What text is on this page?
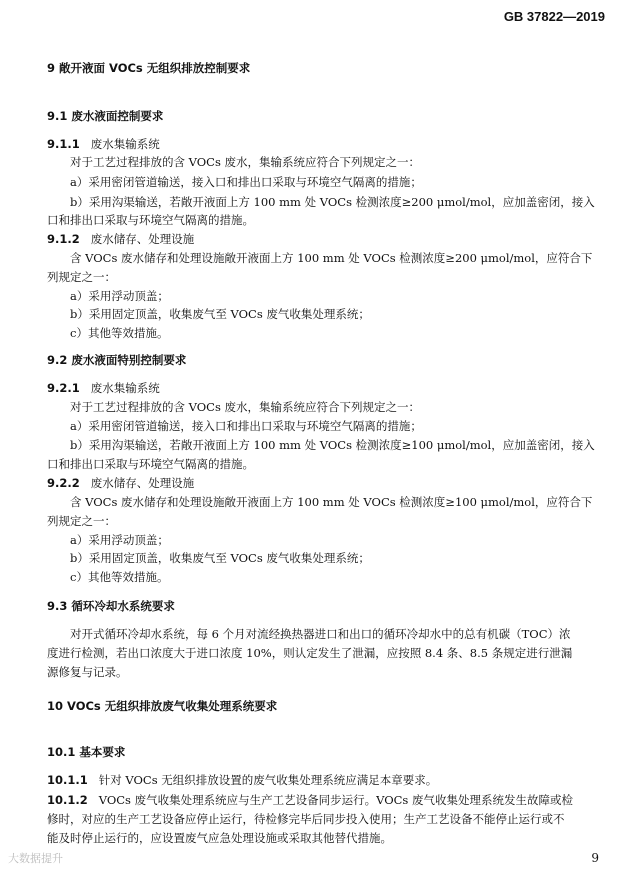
GB 37822—2019
9 敞开液面 VOCs 无组织排放控制要求
9.1 废水液面控制要求
9.1.1 废水集输系统
对于工艺过程排放的含 VOCs 废水，集输系统应符合下列规定之一：
a）采用密闭管道输送，接入口和排出口采取与环境空气隔离的措施；
b）采用沟渠输送，若敞开液面上方 100 mm 处 VOCs 检测浓度≥200 μmol/mol，应加盖密闭，接入
口和排出口采取与环境空气隔离的措施。
9.1.2 废水储存、处理设施
含 VOCs 废水储存和处理设施敞开液面上方 100 mm 处 VOCs 检测浓度≥200 μmol/mol，应符合下
列规定之一：
a）采用浮动顶盖；
b）采用固定顶盖，收集废气至 VOCs 废气收集处理系统；
c）其他等效措施。
9.2 废水液面特别控制要求
9.2.1 废水集输系统
对于工艺过程排放的含 VOCs 废水，集输系统应符合下列规定之一：
a）采用密闭管道输送，接入口和排出口采取与环境空气隔离的措施；
b）采用沟渠输送，若敞开液面上方 100 mm 处 VOCs 检测浓度≥100 μmol/mol，应加盖密闭，接入
口和排出口采取与环境空气隔离的措施。
9.2.2 废水储存、处理设施
含 VOCs 废水储存和处理设施敞开液面上方 100 mm 处 VOCs 检测浓度≥100 μmol/mol，应符合下
列规定之一：
a）采用浮动顶盖；
b）采用固定顶盖，收集废气至 VOCs 废气收集处理系统；
c）其他等效措施。
9.3 循环冷却水系统要求
对开式循环冷却水系统，每 6 个月对流经换热器进口和出口的循环冷却水中的总有机碳（TOC）浓
度进行检测，若出口浓度大于进口浓度 10%，则认定发生了泄漏，应按照 8.4 条、8.5 条规定进行泄漏
源修复与记录。
10 VOCs 无组织排放废气收集处理系统要求
10.1 基本要求
10.1.1 针对 VOCs 无组织排放设置的废气收集处理系统应满足本章要求。
10.1.2 VOCs 废气收集处理系统应与生产工艺设备同步运行。VOCs 废气收集处理系统发生故障或检
修时，对应的生产工艺设备应停止运行，待检修完毕后同步投入使用；生产工艺设备不能停止运行或不
能及时停止运行的，应设置废气应急处理设施或采取其他替代措施。
大数据提升	9
